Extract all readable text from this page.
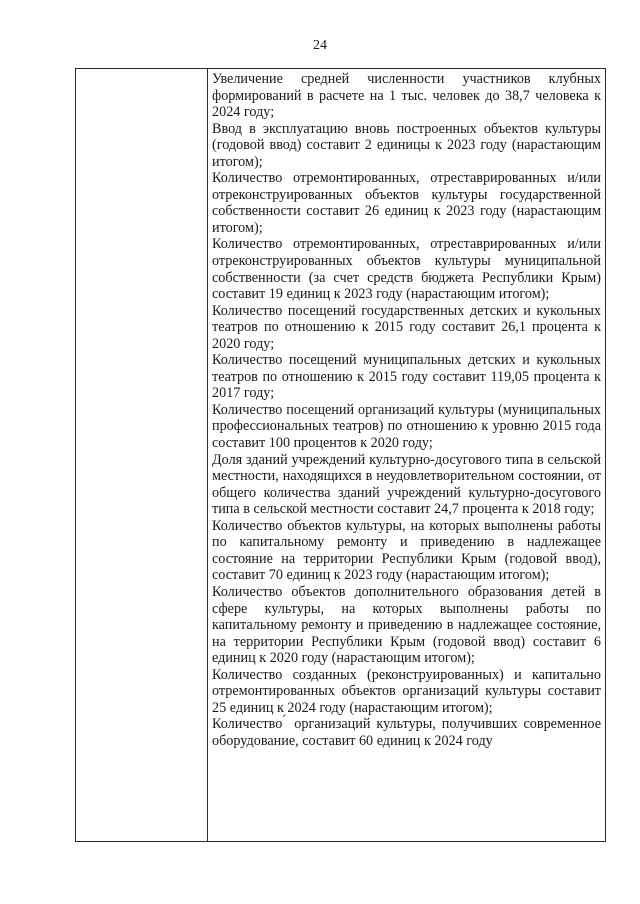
24

Увеличение средней численности участников клубных формирований в расчете на 1 тыс. человек до 38,7 человека к 2024 году;

Ввод в эксплуатацию вновь построенных объектов культуры (годовой ввод) составит 2 единицы к 2023 году (нарастающим итогом);

Количество отремонтированных, отреставрированных и/или отреконструированных объектов культуры государственной собственности составит 26 единиц к 2023 году (нарастающим итогом);

Количество отремонтированных, отреставрированных и/или отреконструированных объектов культуры муниципальной собственности (за счет средств бюджета Республики Крым) составит 19 единиц к 2023 году (нарастающим итогом);

Количество посещений государственных детских и кукольных театров по отношению к 2015 году составит 26,1 процента к 2020 году;

Количество посещений муниципальных детских и кукольных театров по отношению к 2015 году составит 119,05 процента к 2017 году;

Количество посещений организаций культуры (муниципальных профессиональных театров) по отношению к уровню 2015 года составит 100 процентов к 2020 году;

Доля зданий учреждений культурно-досугового типа в сельской местности, находящихся в неудовлетворительном состоянии, от общего количества зданий учреждений культурно-досугового типа в сельской местности составит 24,7 процента к 2018 году;

Количество объектов культуры, на которых выполнены работы по капитальному ремонту и приведению в надлежащее состояние на территории Республики Крым (годовой ввод), составит 70 единиц к 2023 году (нарастающим итогом);

Количество объектов дополнительного образования детей в сфере культуры, на которых выполнены работы по капитальному ремонту и приведению в надлежащее состояние, на территории Республики Крым (годовой ввод) составит 6 единиц к 2020 году (нарастающим итогом);

Количество созданных (реконструированных) и капитально отремонтированных объектов организаций культуры составит 25 единиц к 2024 году (нарастающим итогом);

Количество ́ организаций культуры, получивших современное оборудование, составит 60 единиц к 2024 году
